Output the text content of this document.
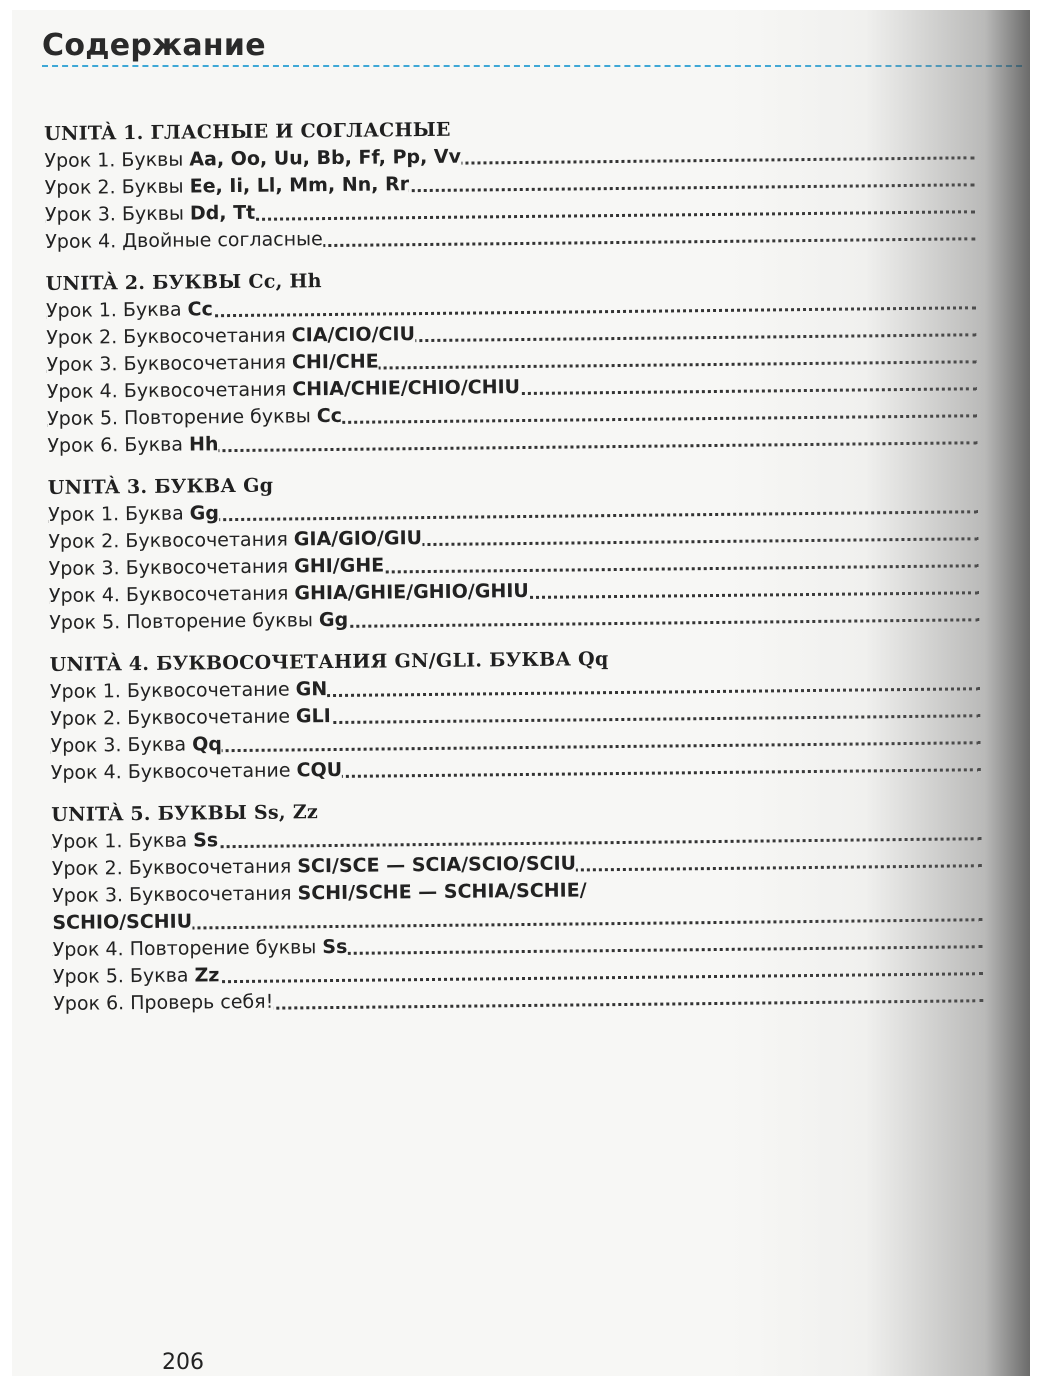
Содержание
UNITÀ 1. ГЛАСНЫЕ И СОГЛАСНЫЕ
Урок 1. Буквы Aa, Oo, Uu, Bb, Ff, Pp, Vv
Урок 2. Буквы Ee, Ii, Ll, Mm, Nn, Rr
Урок 3. Буквы Dd, Tt
Урок 4. Двойные согласные
UNITÀ 2. БУКВЫ Cc, Hh
Урок 1. Буква Cc
Урок 2. Буквосочетания CIA/CIO/CIU
Урок 3. Буквосочетания CHI/CHE
Урок 4. Буквосочетания CHIA/CHIE/CHIO/CHIU
Урок 5. Повторение буквы Cc
Урок 6. Буква Hh
UNITÀ 3. БУКВА Gg
Урок 1. Буква Gg
Урок 2. Буквосочетания GIA/GIO/GIU
Урок 3. Буквосочетания GHI/GHE
Урок 4. Буквосочетания GHIA/GHIE/GHIO/GHIU
Урок 5. Повторение буквы Gg
UNITÀ 4. БУКВОСОЧЕТАНИЯ GN/GLI. БУКВА Qq
Урок 1. Буквосочетание GN
Урок 2. Буквосочетание GLI
Урок 3. Буква Qq
Урок 4. Буквосочетание CQU
UNITÀ 5. БУКВЫ Ss, Zz
Урок 1. Буква Ss
Урок 2. Буквосочетания SCI/SCE — SCIA/SCIO/SCIU
Урок 3. Буквосочетания SCHI/SCHE — SCHIA/SCHIE/
SCHIO/SCHIU
Урок 4. Повторение буквы Ss
Урок 5. Буква Zz
Урок 6. Проверь себя!
206
